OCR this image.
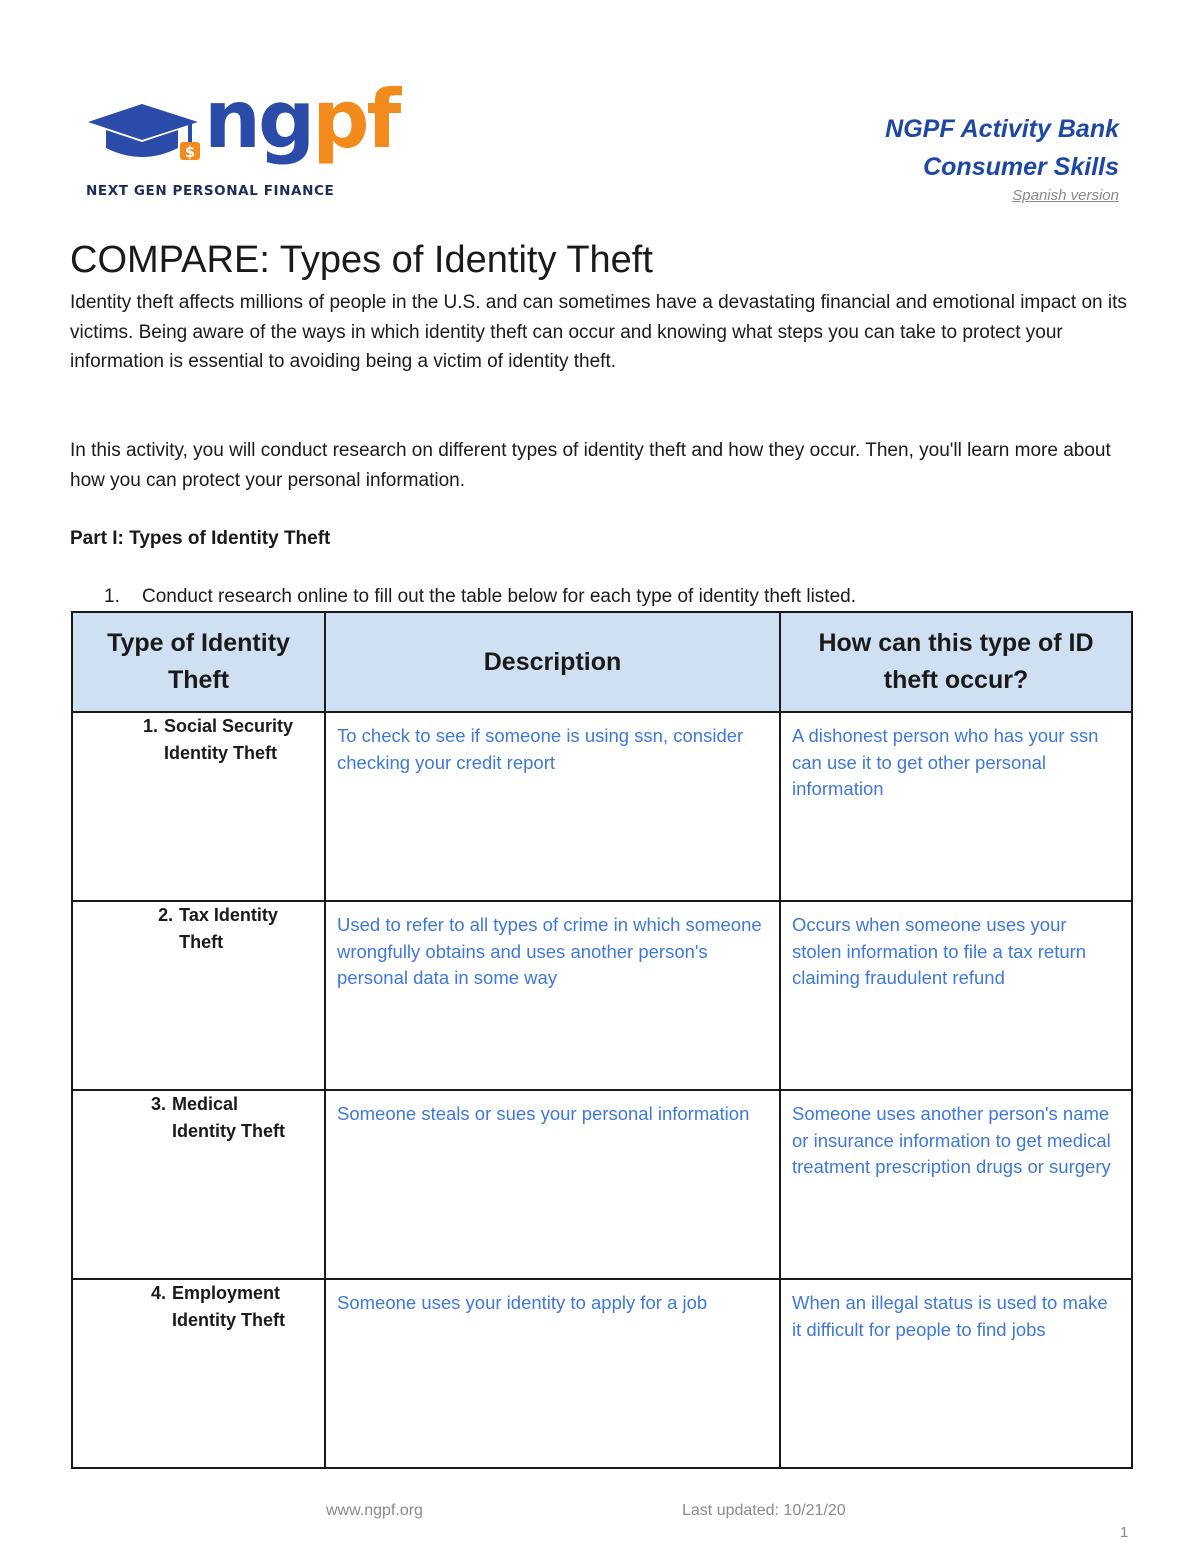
$ ngpf
NEXT GEN PERSONAL FINANCE
NGPF Activity Bank
Consumer Skills
Spanish version
COMPARE: Types of Identity Theft

Identity theft affects millions of people in the U.S. and can sometimes have a devastating financial and emotional impact on its victims. Being aware of the ways in which identity theft can occur and knowing what steps you can take to protect your information is essential to avoiding being a victim of identity theft.

In this activity, you will conduct research on different types of identity theft and how they occur. Then, you'll learn more about how you can protect your personal information.

Part I: Types of Identity Theft

1. Conduct research online to fill out the table below for each type of identity theft listed.
Type of Identity Theft	Description	How can this type of ID theft occur?
1. Social Security
Identity Theft	To check to see if someone is using ssn, consider checking your credit report	A dishonest person who has your ssn can use it to get other personal information
2. Tax Identity
Theft	Used to refer to all types of crime in which someone wrongfully obtains and uses another person's personal data in some way	Occurs when someone uses your stolen information to file a tax return claiming fraudulent refund
3. Medical
Identity Theft	Someone steals or sues your personal information	Someone uses another person's name or insurance information to get medical treatment prescription drugs or surgery
4. Employment
Identity Theft	Someone uses your identity to apply for a job	When an illegal status is used to make it difficult for people to find jobs
www.ngpf.org	Last updated: 10/21/20
1
